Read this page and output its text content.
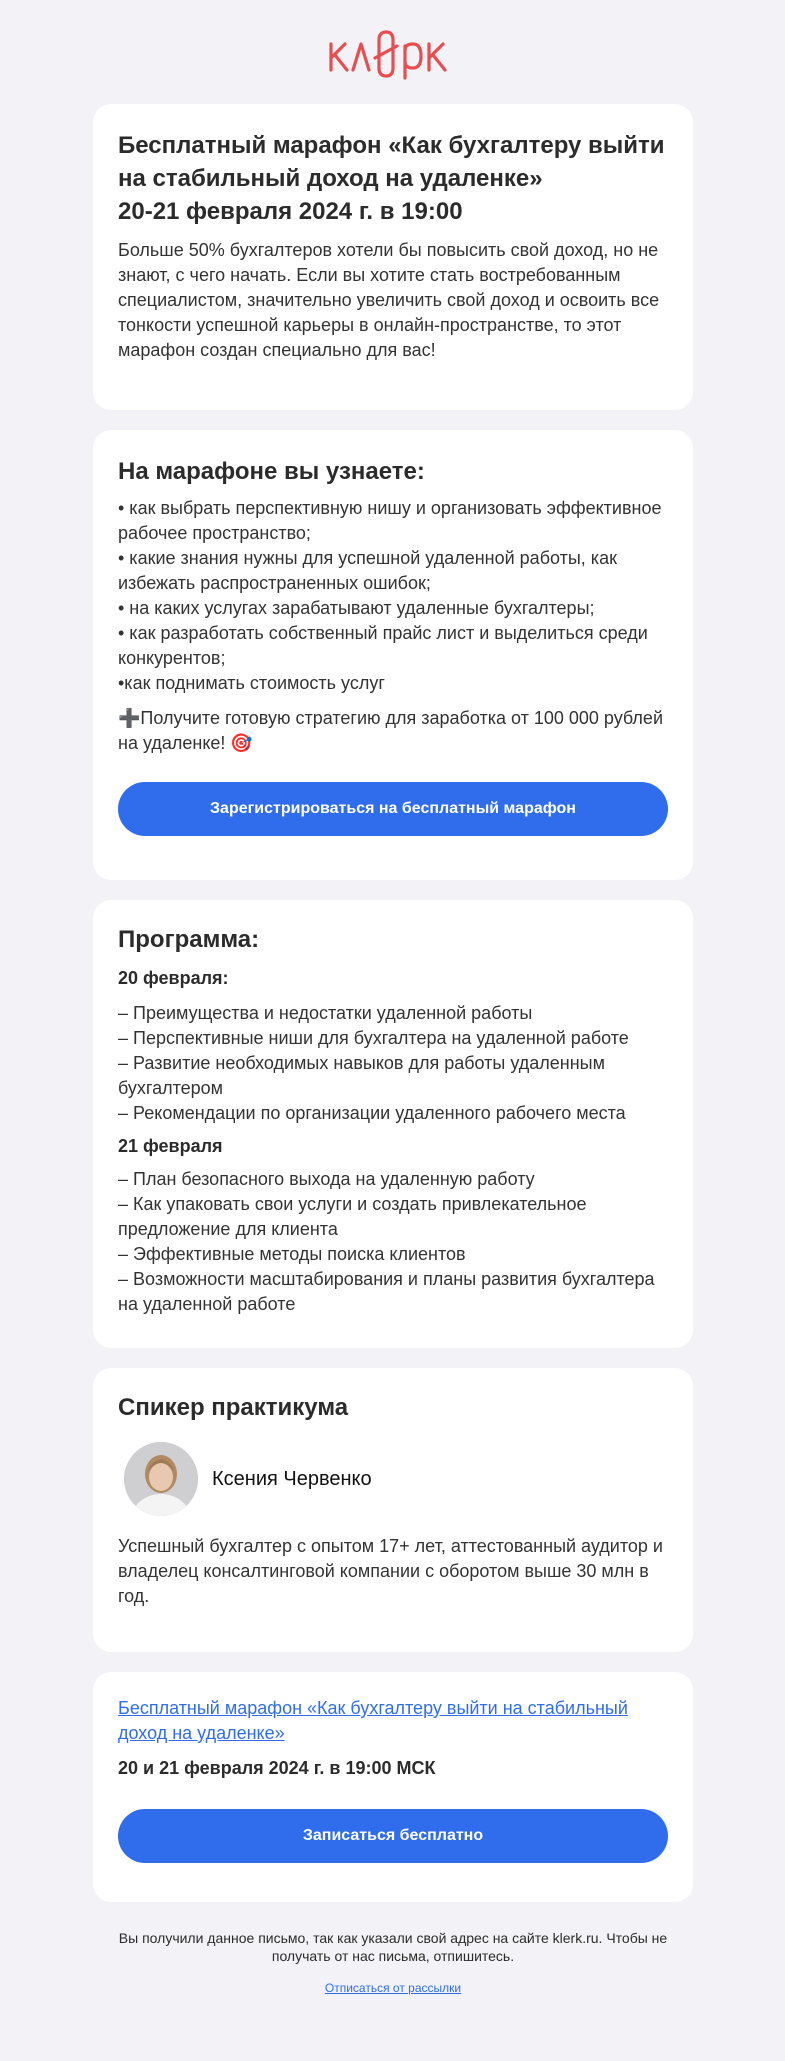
Бесплатный марафон «Как бухгалтеру выйти на стабильный доход на удаленке»
20-21 февраля 2024 г. в 19:00

Больше 50% бухгалтеров хотели бы повысить свой доход, но не знают, с чего начать. Если вы хотите стать востребованным специалистом, значительно увеличить свой доход и освоить все тонкости успешной карьеры в онлайн-пространстве, то этот марафон создан специально для вас!

На марафоне вы узнаете:

• как выбрать перспективную нишу и организовать эффективное рабочее пространство;

• какие знания нужны для успешной удаленной работы, как избежать распространенных ошибок;

• на каких услугах зарабатывают удаленные бухгалтеры;

• как разработать собственный прайс лист и выделиться среди конкурентов;

•как поднимать стоимость услуг

➕Получите готовую стратегию для заработка от 100 000 рублей на удаленке! 🎯

Зарегистрироваться на бесплатный марафон
Программа:

20 февраля:

– Преимущества и недостатки удаленной работы

– Перспективные ниши для бухгалтера на удаленной работе

– Развитие необходимых навыков для работы удаленным бухгалтером

– Рекомендации по организации удаленного рабочего места

21 февраля

– План безопасного выхода на удаленную работу

– Как упаковать свои услуги и создать привлекательное предложение для клиента

– Эффективные методы поиска клиентов

– Возможности масштабирования и планы развития бухгалтера на удаленной работе

Спикер практикума
Ксения Червенко

Успешный бухгалтер с опытом 17+ лет, аттестованный аудитор и владелец консалтинговой компании с оборотом выше 30 млн в год.

Бесплатный марафон «Как бухгалтеру выйти на стабильный доход на удаленке»

20 и 21 февраля 2024 г. в 19:00 МСК

Записаться бесплатно
Вы получили данное письмо, так как указали свой адрес на сайте klerk.ru. Чтобы не получать от нас письма, отпишитесь.
Отписаться от рассылки
